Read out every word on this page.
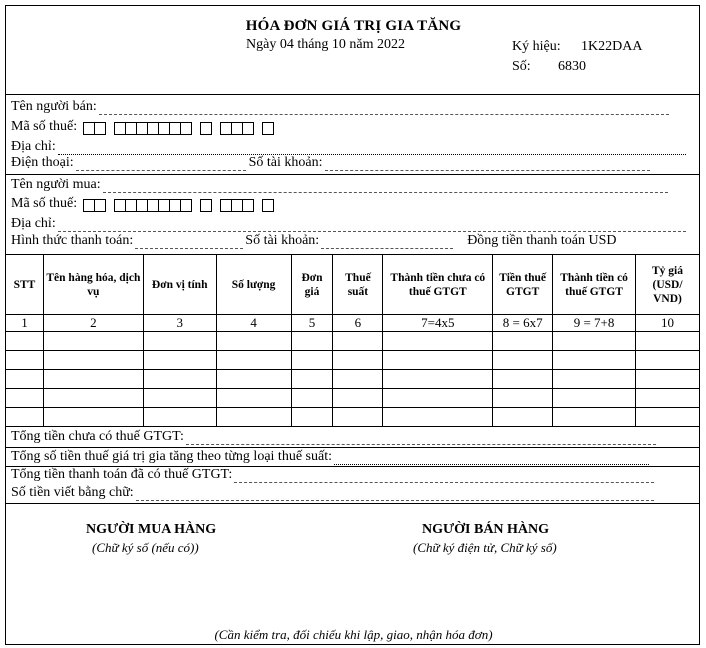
HÓA ĐƠN GIÁ TRỊ GIA TĂNG
Ngày 04 tháng 10 năm 2022	Ký hiệu: 1K22DAA
Số: 6830
Tên người bán:
Mã số thuế:
Địa chỉ:
Điện thoại:	Số tài khoản:
Tên người mua:
Mã số thuế:
Địa chỉ:
Hình thức thanh toán:	Số tài khoản:	Đồng tiền thanh toán USD
STT	Tên hàng hóa, dịch vụ	Đơn vị tính	Số lượng	Đơn giá	Thuế suất	Thành tiền chưa có thuế GTGT	Tiền thuế GTGT	Thành tiền có thuế GTGT	Tỷ giá (USD/ VND)
1	2	3	4	5	6	7=4x5	8 = 6x7	9 = 7+8	10

Tổng tiền chưa có thuế GTGT:
Tổng số tiền thuế giá trị gia tăng theo từng loại thuế suất:
Tổng tiền thanh toán đã có thuế GTGT:
Số tiền viết bằng chữ:
NGƯỜI MUA HÀNG
(Chữ ký số (nếu có))
NGƯỜI BÁN HÀNG
(Chữ ký điện tử, Chữ ký số)
(Cần kiểm tra, đối chiếu khi lập, giao, nhận hóa đơn)
